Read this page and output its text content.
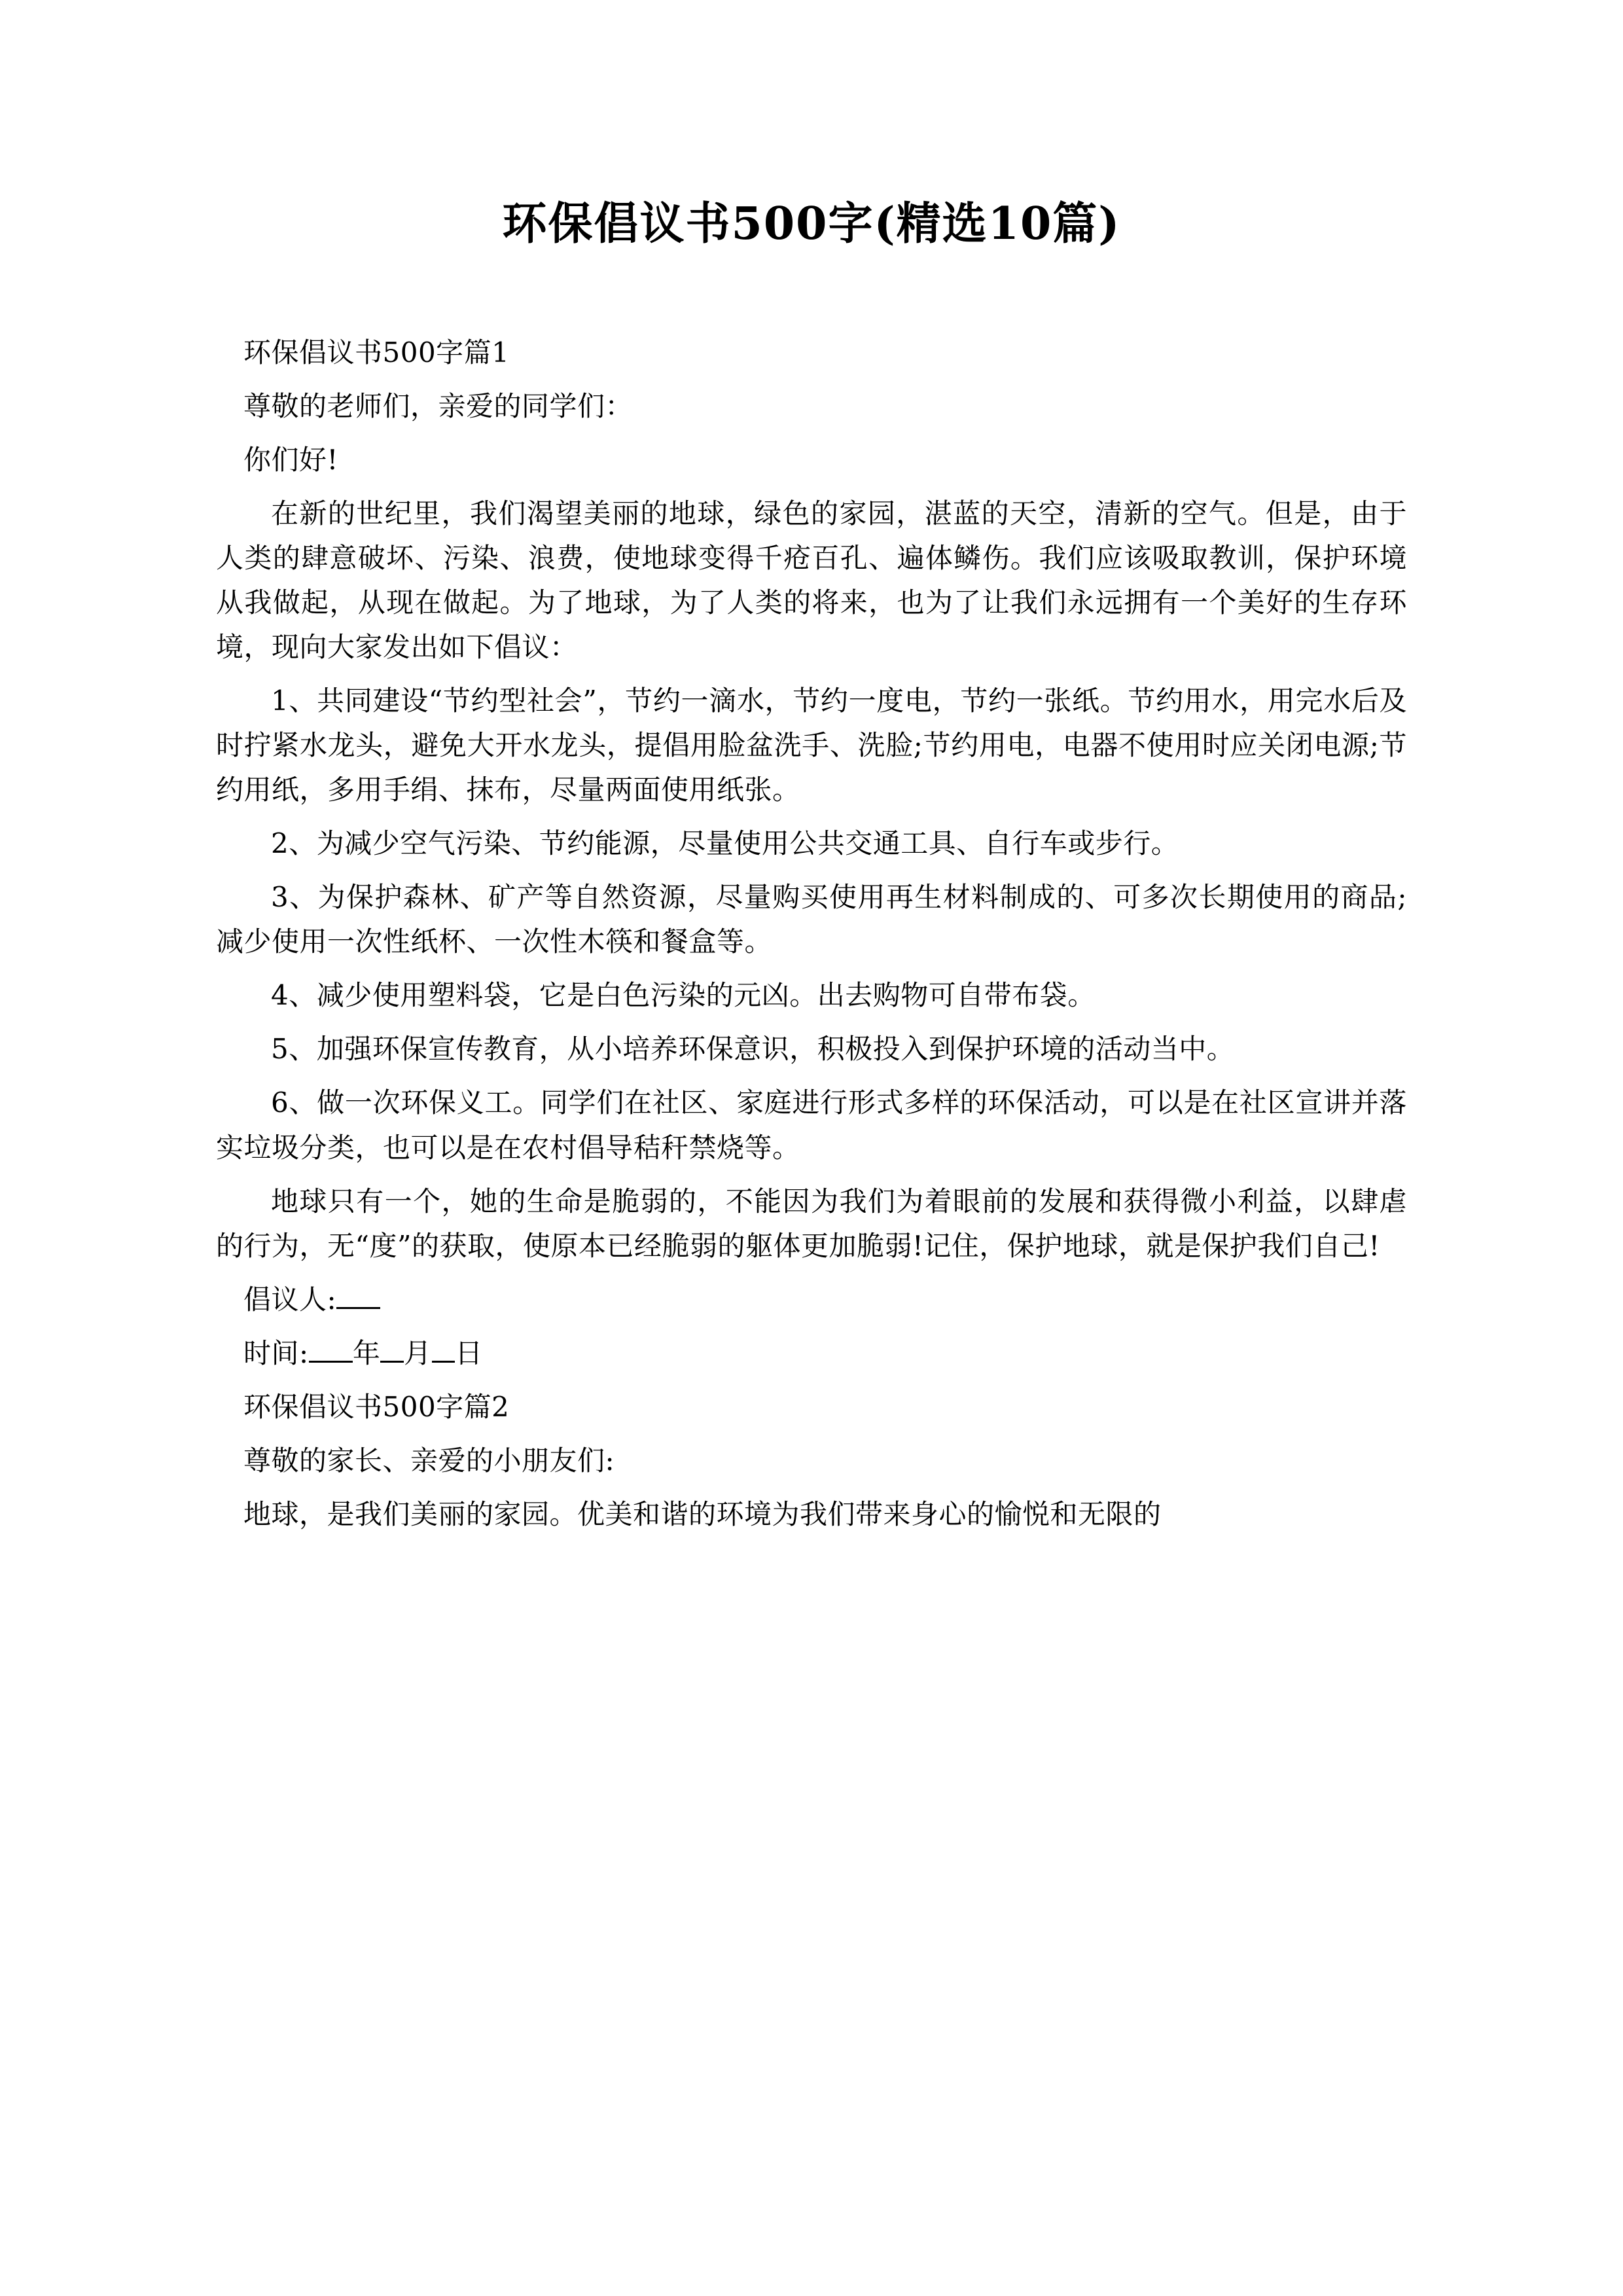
环保倡议书500字(精选10篇)

环保倡议书500字篇1

尊敬的老师们，亲爱的同学们：

你们好!

在新的世纪里，我们渴望美丽的地球，绿色的家园，湛蓝的天空，清新的空气。但是，由于人类的肆意破坏、污染、浪费，使地球变得千疮百孔、遍体鳞伤。我们应该吸取教训，保护环境从我做起，从现在做起。为了地球，为了人类的将来，也为了让我们永远拥有一个美好的生存环境，现向大家发出如下倡议：

1、共同建设“节约型社会”，节约一滴水，节约一度电，节约一张纸。节约用水，用完水后及时拧紧水龙头，避免大开水龙头，提倡用脸盆洗手、洗脸;节约用电，电器不使用时应关闭电源;节约用纸，多用手绢、抹布，尽量两面使用纸张。

2、为减少空气污染、节约能源，尽量使用公共交通工具、自行车或步行。

3、为保护森林、矿产等自然资源，尽量购买使用再生材料制成的、可多次长期使用的商品;减少使用一次性纸杯、一次性木筷和餐盒等。

4、减少使用塑料袋，它是白色污染的元凶。出去购物可自带布袋。

5、加强环保宣传教育，从小培养环保意识，积极投入到保护环境的活动当中。

6、做一次环保义工。同学们在社区、家庭进行形式多样的环保活动，可以是在社区宣讲并落实垃圾分类，也可以是在农村倡导秸秆禁烧等。

地球只有一个，她的生命是脆弱的，不能因为我们为着眼前的发展和获得微小利益，以肆虐的行为，无“度”的获取，使原本已经脆弱的躯体更加脆弱!记住，保护地球，就是保护我们自己!

倡议人:

时间: 年 月 日

环保倡议书500字篇2

尊敬的家长、亲爱的小朋友们:

地球，是我们美丽的家园。优美和谐的环境为我们带来身心的愉悦和无限的
